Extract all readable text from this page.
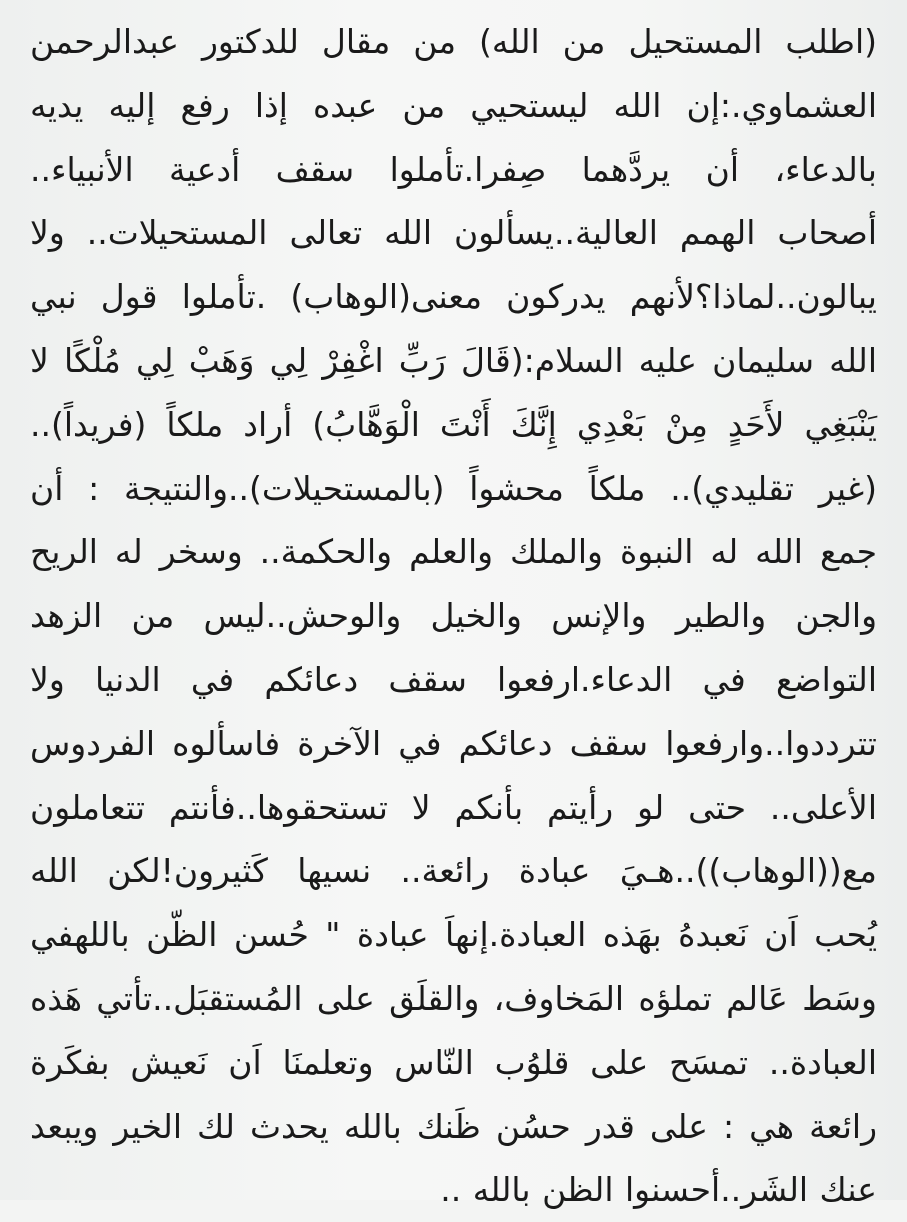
(اطلب المستحيل من الله) من مقال للدكتور عبدالرحمن
العشماوي.:إن الله ليستحيي من عبده إذا رفع إليه يديه
بالدعاء، أن يردَّهما صِفرا.تأملوا سقف أدعية الأنبياء..
أصحاب الهمم العالية..يسألون الله تعالى المستحيلات.. ولا
يبالون..لماذا؟لأنهم يدركون معنى(الوهاب) .تأملوا قول نبي
الله سليمان عليه السلام:(قَالَ رَبِّ اغْفِرْ لِي وَهَبْ لِي مُلْكًا لا
يَنْبَغِي لأَحَدٍ مِنْ بَعْدِي إِنَّكَ أَنْتَ الْوَهَّابُ) أراد ملكاً (فريداً)..
(غير تقليدي).. ملكاً محشواً (بالمستحيلات)..والنتيجة : أن
جمع الله له النبوة والملك والعلم والحكمة.. وسخر له الريح
والجن والطير والإنس والخيل والوحش..ليس من الزهد
التواضع في الدعاء.ارفعوا سقف دعائكم في الدنيا ولا
تترددوا..وارفعوا سقف دعائكم في الآخرة فاسألوه الفردوس
الأعلى.. حتى لو رأيتم بأنكم لا تستحقوها..فأنتم تتعاملون
مع((الوهاب))..هـيَ عبادة رائعة.. نسيها كَثيرون!لكن الله
يُحب اَن نَعبدهُ بهَذه العبادة.إنهاَ عبادة " حُسن الظّن باللهفي
وسَط عَالم تملؤه المَخاوف، والقلَق على المُستقبَل..تأتي هَذه
العبادة.. تمسَح على قلوُب النّاس وتعلمنَا اَن نَعيش بفكَرة
رائعة هي : على قدر حسُن ظَنك بالله يحدث لك الخير ويبعد
عنك الشَر..أحسنوا الظن بالله ..
